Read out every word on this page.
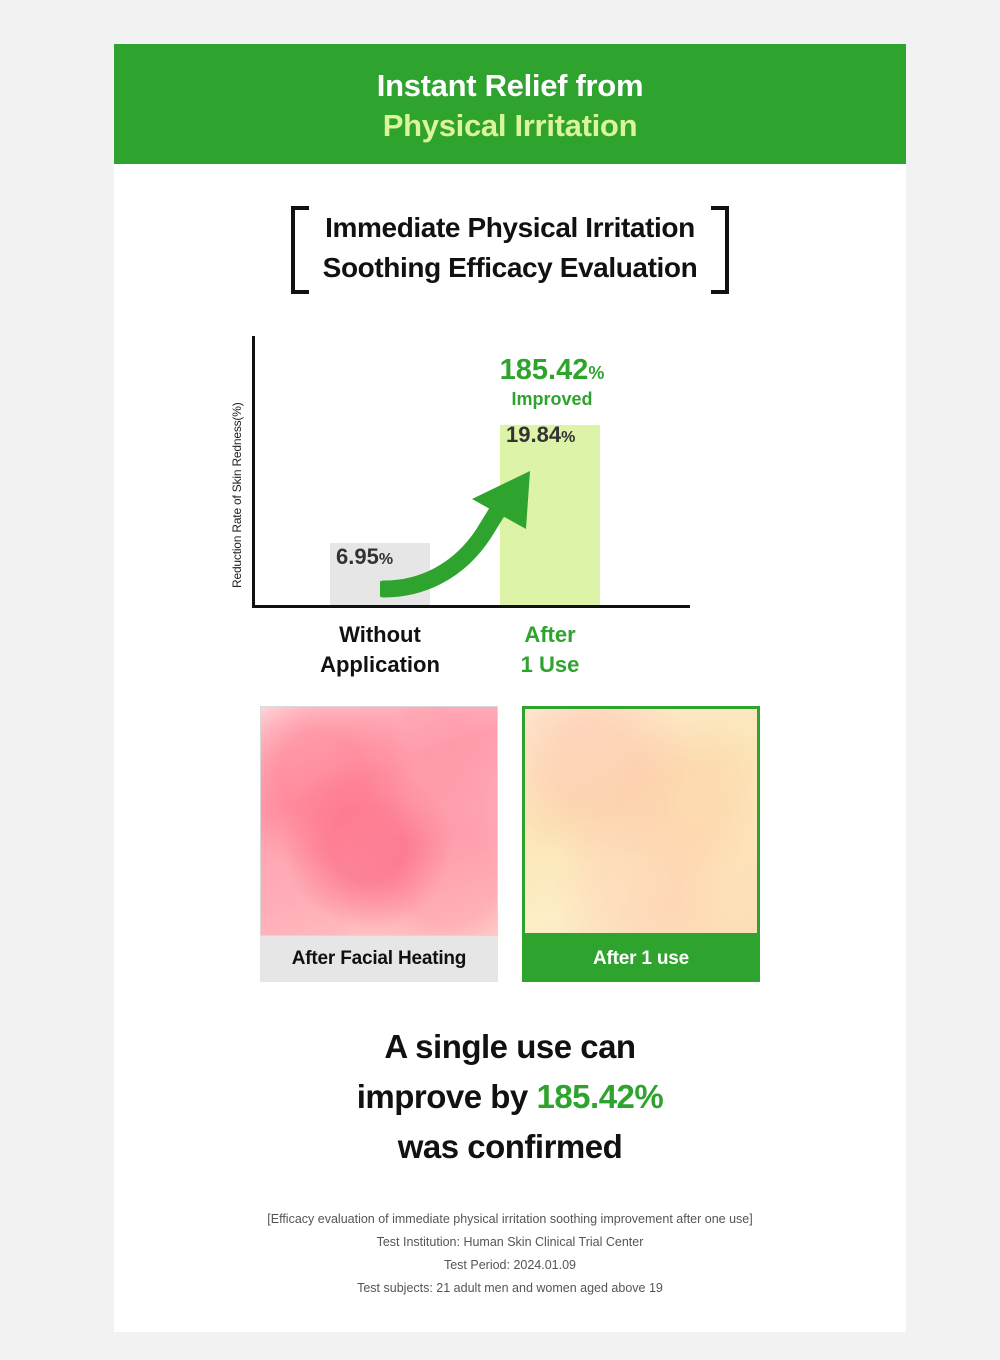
Instant Relief from
Physical Irritation
Immediate Physical Irritation
Soothing Efficacy Evaluation
Reduction Rate of Skin Redness(%)	6.95%
19.84%
185.42%
Improved
Without
Application
After
1 Use
After Facial Heating	After 1 use
A single use can
improve by 185.42%
was confirmed
[Efficacy evaluation of immediate physical irritation soothing improvement after one use]
Test Institution: Human Skin Clinical Trial Center
Test Period: 2024.01.09
Test subjects: 21 adult men and women aged above 19
